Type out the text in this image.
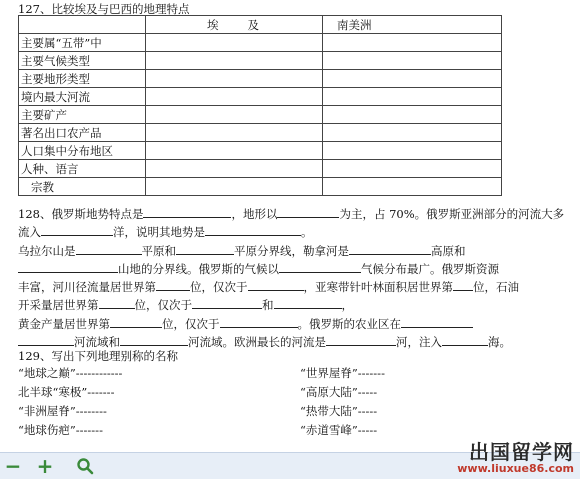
127、比较埃及与巴西的地理特点
	埃　　及	南美洲
主要属“五带”中		
主要气候类型		
主要地形类型		
境内最大河流		
主要矿产		
著名出口农产品		
人口集中分布地区		
人种、语言		
宗教		
128、俄罗斯地势特点是	，地形以	为主，占 70%。俄罗斯亚洲部分的河流大多
流入	洋，说明其地势是	。
乌拉尔山是	平原和	平原分界线，勒拿河是	高原和
山地的分界线。俄罗斯的气候以	气候分布最广。俄罗斯资源
丰富，河川径流量居世界第	位，仅次于	，亚寒带针叶林面积居世界第 位，石油
开采量居世界第	位，仅次于	和	，
黄金产量居世界第	位，仅次于	。俄罗斯的农业区在
河流域和	河流域。欧洲最长的河流是	河，注入	海。
129、写出下列地理别称的名称
“地球之巅”------------	“世界屋脊”-------
北半球“寒极”-------	“高原大陆”-----
“非洲屋脊”--------	“热带大陆”-----
“地球伤疤”-------	“赤道雪峰”-----
− +
出国留学网
www.liuxue86.com
